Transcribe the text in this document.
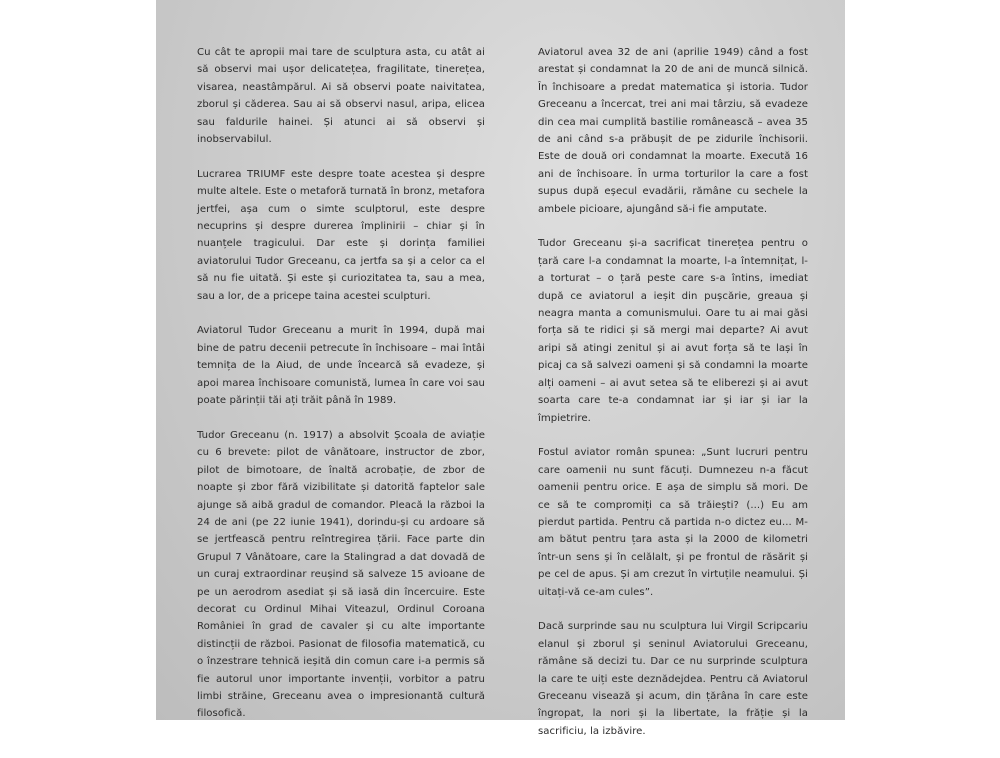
Cu cât te apropii mai tare de sculptura asta, cu atât ai să observi mai ușor delicatețea, fragilitate, tinerețea, visarea, neastâmpărul. Ai să observi poate naivitatea, zborul și căderea. Sau ai să observi nasul, aripa, elicea sau faldurile hainei. Și atunci ai să observi și inobservabilul.

Lucrarea TRIUMF este despre toate acestea și despre multe altele. Este o metaforă turnată în bronz, metafora jertfei, așa cum o simte sculptorul, este despre necuprins și despre durerea împlinirii – chiar și în nuanțele tragicului. Dar este și dorința familiei aviatorului Tudor Greceanu, ca jertfa sa și a celor ca el să nu fie uitată. Și este și curiozitatea ta, sau a mea, sau a lor, de a pricepe taina acestei sculpturi.

Aviatorul Tudor Greceanu a murit în 1994, după mai bine de patru decenii petrecute în închisoare – mai întâi temnița de la Aiud, de unde încearcă să evadeze, și apoi marea închisoare comunistă, lumea în care voi sau poate părinții tăi ați trăit până în 1989.

Tudor Greceanu (n. 1917) a absolvit Școala de aviație cu 6 brevete: pilot de vânătoare, instructor de zbor, pilot de bimotoare, de înaltă acrobație, de zbor de noapte și zbor fără vizibilitate și datorită faptelor sale ajunge să aibă gradul de comandor. Pleacă la război la 24 de ani (pe 22 iunie 1941), dorindu-și cu ardoare să se jertfească pentru reîntregirea țării. Face parte din Grupul 7 Vânătoare, care la Stalingrad a dat dovadă de un curaj extraordinar reușind să salveze 15 avioane de pe un aerodrom asediat și să iasă din încercuire. Este decorat cu Ordinul Mihai Viteazul, Ordinul Coroana României în grad de cavaler și cu alte importante distincții de război. Pasionat de filosofia matematică, cu o înzestrare tehnică ieșită din comun care i-a permis să fie autorul unor importante invenții, vorbitor a patru limbi străine, Greceanu avea o impresionantă cultură filosofică.

Aviatorul avea 32 de ani (aprilie 1949) când a fost arestat și condamnat la 20 de ani de muncă silnică. În închisoare a predat matematica și istoria. Tudor Greceanu a încercat, trei ani mai târziu, să evadeze din cea mai cumplită bastilie românească – avea 35 de ani când s-a prăbușit de pe zidurile închisorii. Este de două ori condamnat la moarte. Execută 16 ani de închisoare. În urma torturilor la care a fost supus după eșecul evadării, rămâne cu sechele la ambele picioare, ajungând să-i fie amputate.

Tudor Greceanu și-a sacrificat tinerețea pentru o țară care l-a condamnat la moarte, l-a întemnițat, l-a torturat – o țară peste care s-a întins, imediat după ce aviatorul a ieșit din pușcărie, greaua și neagra manta a comunismului. Oare tu ai mai găsi forța să te ridici și să mergi mai departe? Ai avut aripi să atingi zenitul și ai avut forța să te lași în picaj ca să salvezi oameni și să condamni la moarte alți oameni – ai avut setea să te eliberezi și ai avut soarta care te-a condamnat iar și iar și iar la împietrire.

Fostul aviator român spunea: „Sunt lucruri pentru care oamenii nu sunt făcuți. Dumnezeu n-a făcut oamenii pentru orice. E așa de simplu să mori. De ce să te compromiți ca să trăiești? (...) Eu am pierdut partida. Pentru că partida n-o dictez eu... M-am bătut pentru țara asta și la 2000 de kilometri într-un sens și în celălalt, și pe frontul de răsărit și pe cel de apus. Și am crezut în virtuțile neamului. Și uitați-vă ce-am cules”.

Dacă surprinde sau nu sculptura lui Virgil Scripcariu elanul și zborul și seninul Aviatorului Greceanu, rămâne să decizi tu. Dar ce nu surprinde sculptura la care te uiți este deznădejdea. Pentru că Aviatorul Greceanu visează și acum, din țărâna în care este îngropat, la nori și la libertate, la frăție și la sacrificiu, la izbăvire.
